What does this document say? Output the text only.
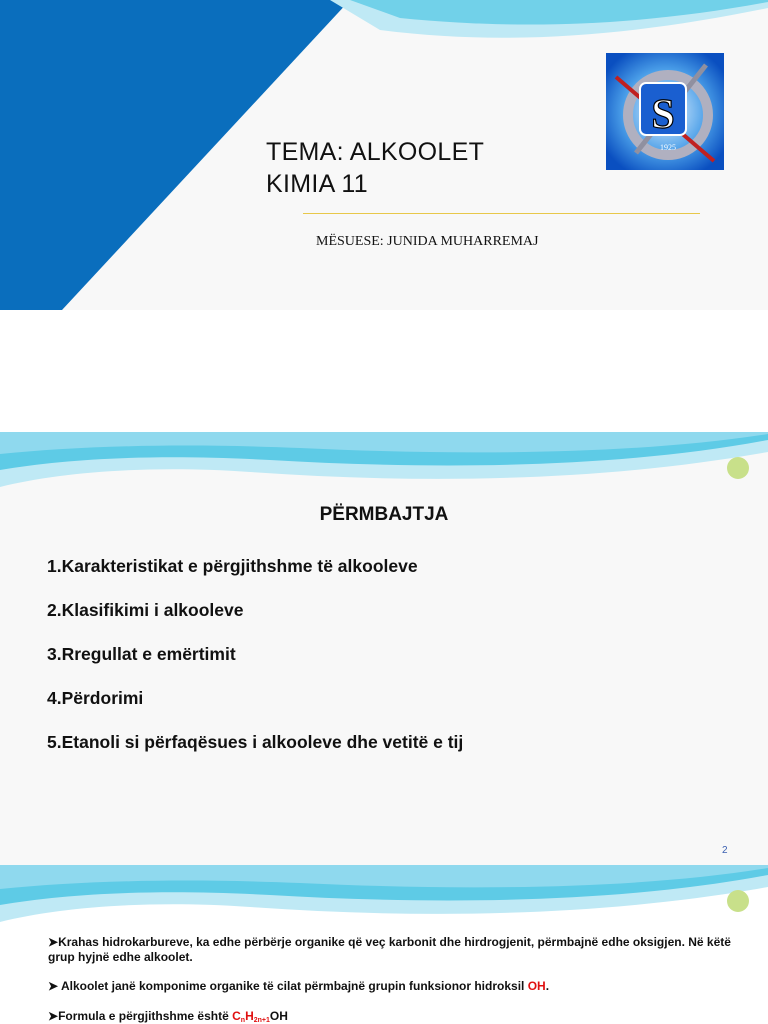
TEMA: ALKOOLET
KIMIA 11
MËSUESE: JUNIDA MUHARREMAJ
S
1925
PËRMBAJTJA
1.Karakteristikat e përgjithshme të alkooleve
2.Klasifikimi i alkooleve
3.Rregullat e emërtimit
4.Përdorimi
5.Etanoli si përfaqësues i alkooleve dhe vetitë e tij
2
➤Krahas hidrokarbureve, ka edhe përbërje organike që veç karbonit dhe hirdrogjenit, përmbajnë edhe oksigjen. Në këtë grup hyjnë edhe alkoolet.
➤ Alkoolet janë komponime organike të cilat përmbajnë grupin funksionor hidroksil OH.
➤Formula e përgjithshme është $C_nH_{2n+1}OH$
